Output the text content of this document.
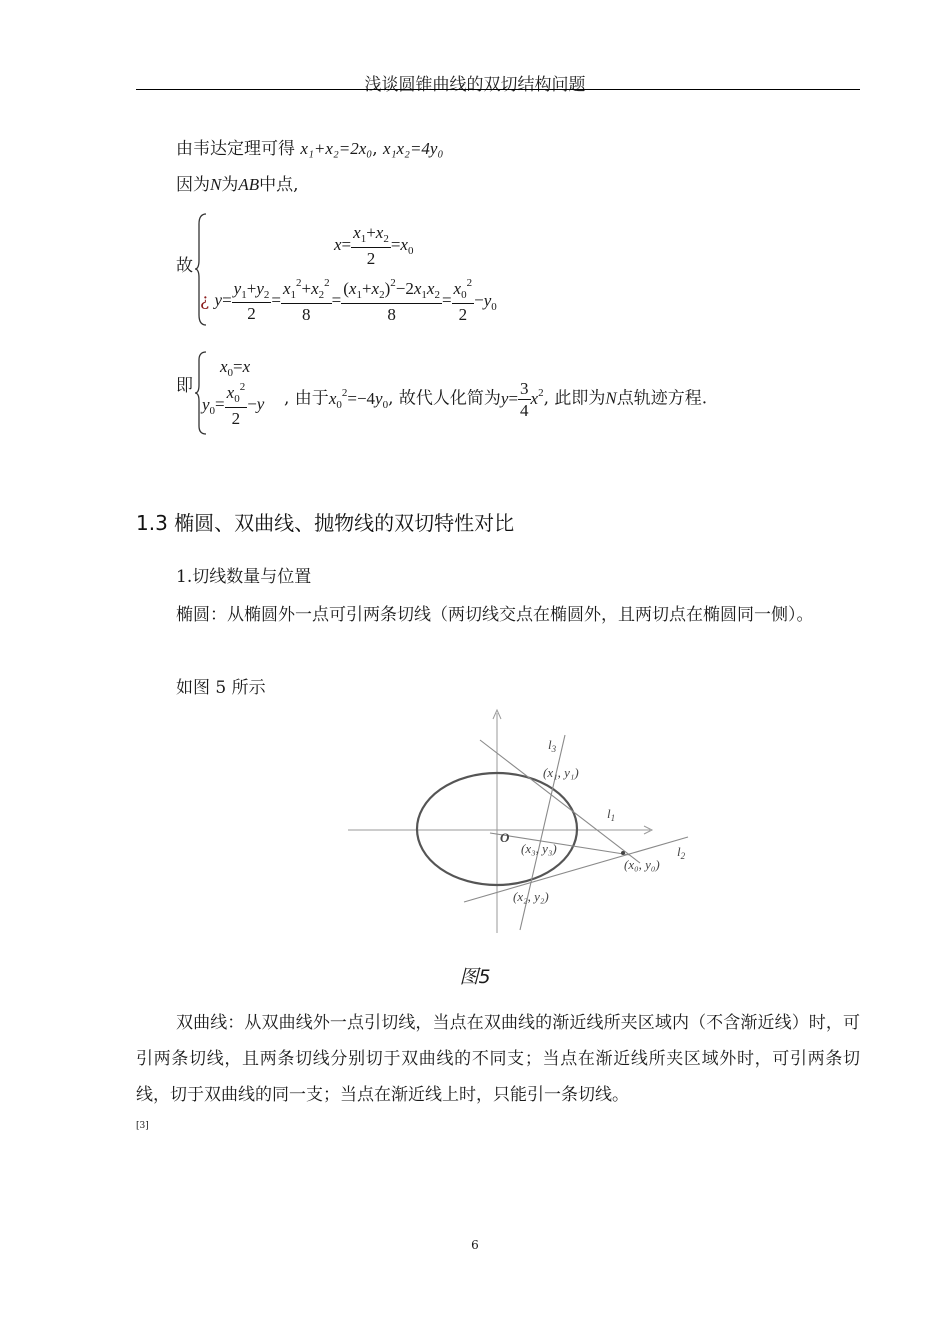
浅谈圆锥曲线的双切结构问题
由韦达定理可得 x₁+x₂=2x₀, x₁x₂=4y₀
因为N为AB中点,
故
$x= \frac{x_1+x_2}{2} =x_0$
¿ $y= \frac{y_1+y_2}{2} = \frac{x_1^2+x_2^2}{8} = \frac{(x_1+x_2)^2-2x_1x_2}{8} = \frac{x_0^2}{2} -y_0$
即
$x_0=x$
$y_0= \frac{x_0^2}{2} -y$ , 由于$x_0^2=-4y_0$, 故代人化简为$y= \frac{3}{4} x^2$, 此即为N点轨迹方程.
1.3 椭圆、双曲线、抛物线的双切特性对比
1.切线数量与位置
椭圆：从椭圆外一点可引两条切线（两切线交点在椭圆外，且两切点在椭圆同一侧）。
如图 5 所示
$l_3$
(x₁, y₁)
$l_1$
O
(x₃, y₃)	$l_2$
(x₀, y₀)
(x₂, y₂)
图5
双曲线：从双曲线外一点引切线，当点在双曲线的渐近线所夹区域内（不含渐近线）时，可引两条切线，且两条切线分别切于双曲线的不同支；当点在渐近线所夹区域外时，可引两条切线，切于双曲线的同一支；当点在渐近线上时，只能引一条切线。
[3]
6
